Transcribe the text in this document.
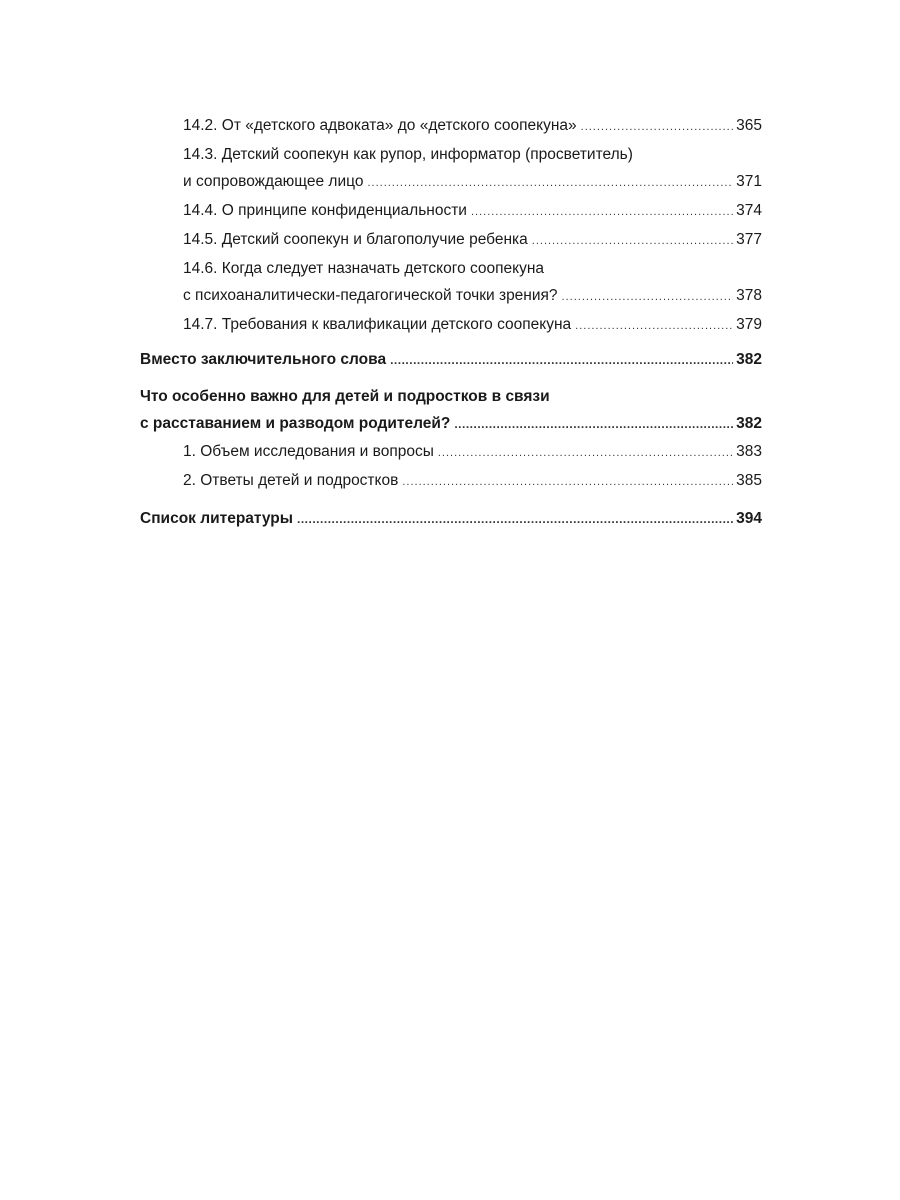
14.2. От «детского адвоката» до «детского соопекуна» .....	365
14.3. Детский соопекун как рупор, информатор (просветитель)
и сопровождающее лицо .....	371
14.4. О принципе конфиденциальности .....	374
14.5. Детский соопекун и благополучие ребенка .....	377
14.6. Когда следует назначать детского соопекуна
с психоаналитически-педагогической точки зрения? .....	378
14.7. Требования к квалификации детского соопекуна .....	379
Вместо заключительного слова .....	382
Что особенно важно для детей и подростков в связи
с расставанием и разводом родителей? .....	382
1. Объем исследования и вопросы .....	383
2. Ответы детей и подростков .....	385
Список литературы .....	394
